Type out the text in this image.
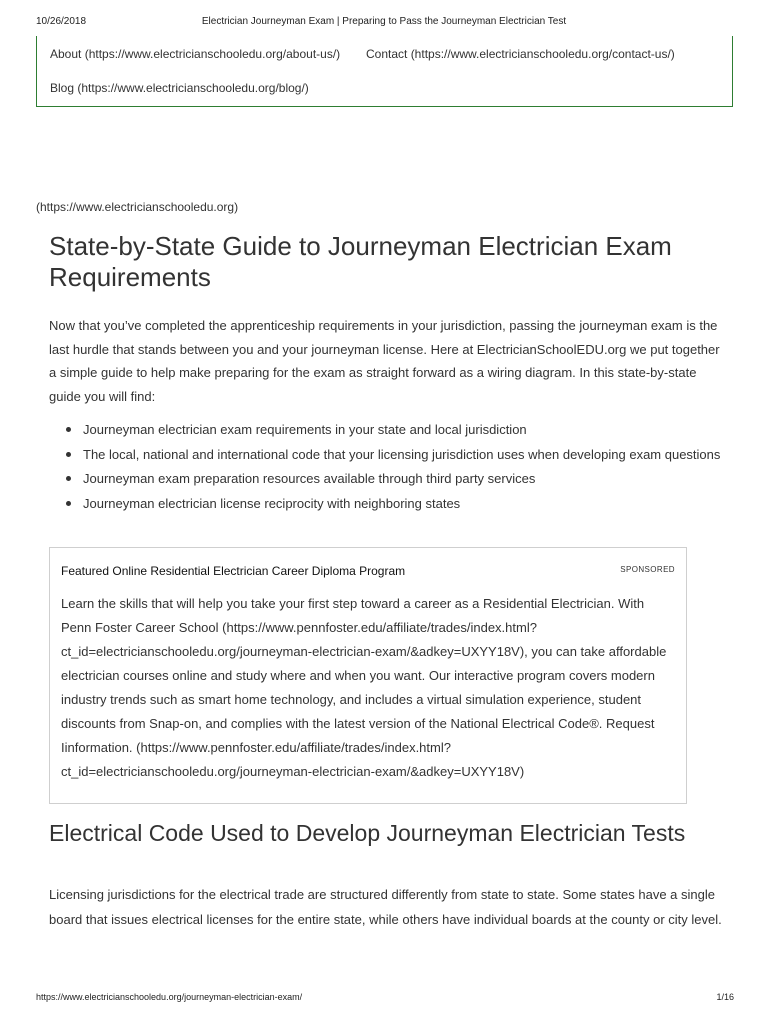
10/26/2018	Electrician Journeyman Exam | Preparing to Pass the Journeyman Electrician Test
About (https://www.electricianschooledu.org/about-us/) Contact (https://www.electricianschooledu.org/contact-us/)
Blog (https://www.electricianschooledu.org/blog/)
(https://www.electricianschooledu.org)
State-by-State Guide to Journeyman Electrician Exam Requirements

Now that you’ve completed the apprenticeship requirements in your jurisdiction, passing the journeyman exam is the last hurdle that stands between you and your journeyman license. Here at ElectricianSchoolEDU.org we put together a simple guide to help make preparing for the exam as straight forward as a wiring diagram. In this state-by-state guide you will find:

Journeyman electrician exam requirements in your state and local jurisdiction
The local, national and international code that your licensing jurisdiction uses when developing exam questions
Journeyman exam preparation resources available through third party services
Journeyman electrician license reciprocity with neighboring states
Featured Online Residential Electrician Career Diploma Program	SPONSORED

Learn the skills that will help you take your first step toward a career as a Residential Electrician. With Penn Foster Career School (https://www.pennfoster.edu/affiliate/trades/index.html?ct_id=electricianschooledu.org/journeyman-electrician-exam/&adkey=UXYY18V), you can take affordable electrician courses online and study where and when you want. Our interactive program covers modern industry trends such as smart home technology, and includes a virtual simulation experience, student discounts from Snap-on, and complies with the latest version of the National Electrical Code®. Request Iinformation. (https://www.pennfoster.edu/affiliate/trades/index.html?ct_id=electricianschooledu.org/journeyman-electrician-exam/&adkey=UXYY18V)

Electrical Code Used to Develop Journeyman Electrician Tests

Licensing jurisdictions for the electrical trade are structured differently from state to state. Some states have a single board that issues electrical licenses for the entire state, while others have individual boards at the county or city level.

https://www.electricianschooledu.org/journeyman-electrician-exam/	1/16
